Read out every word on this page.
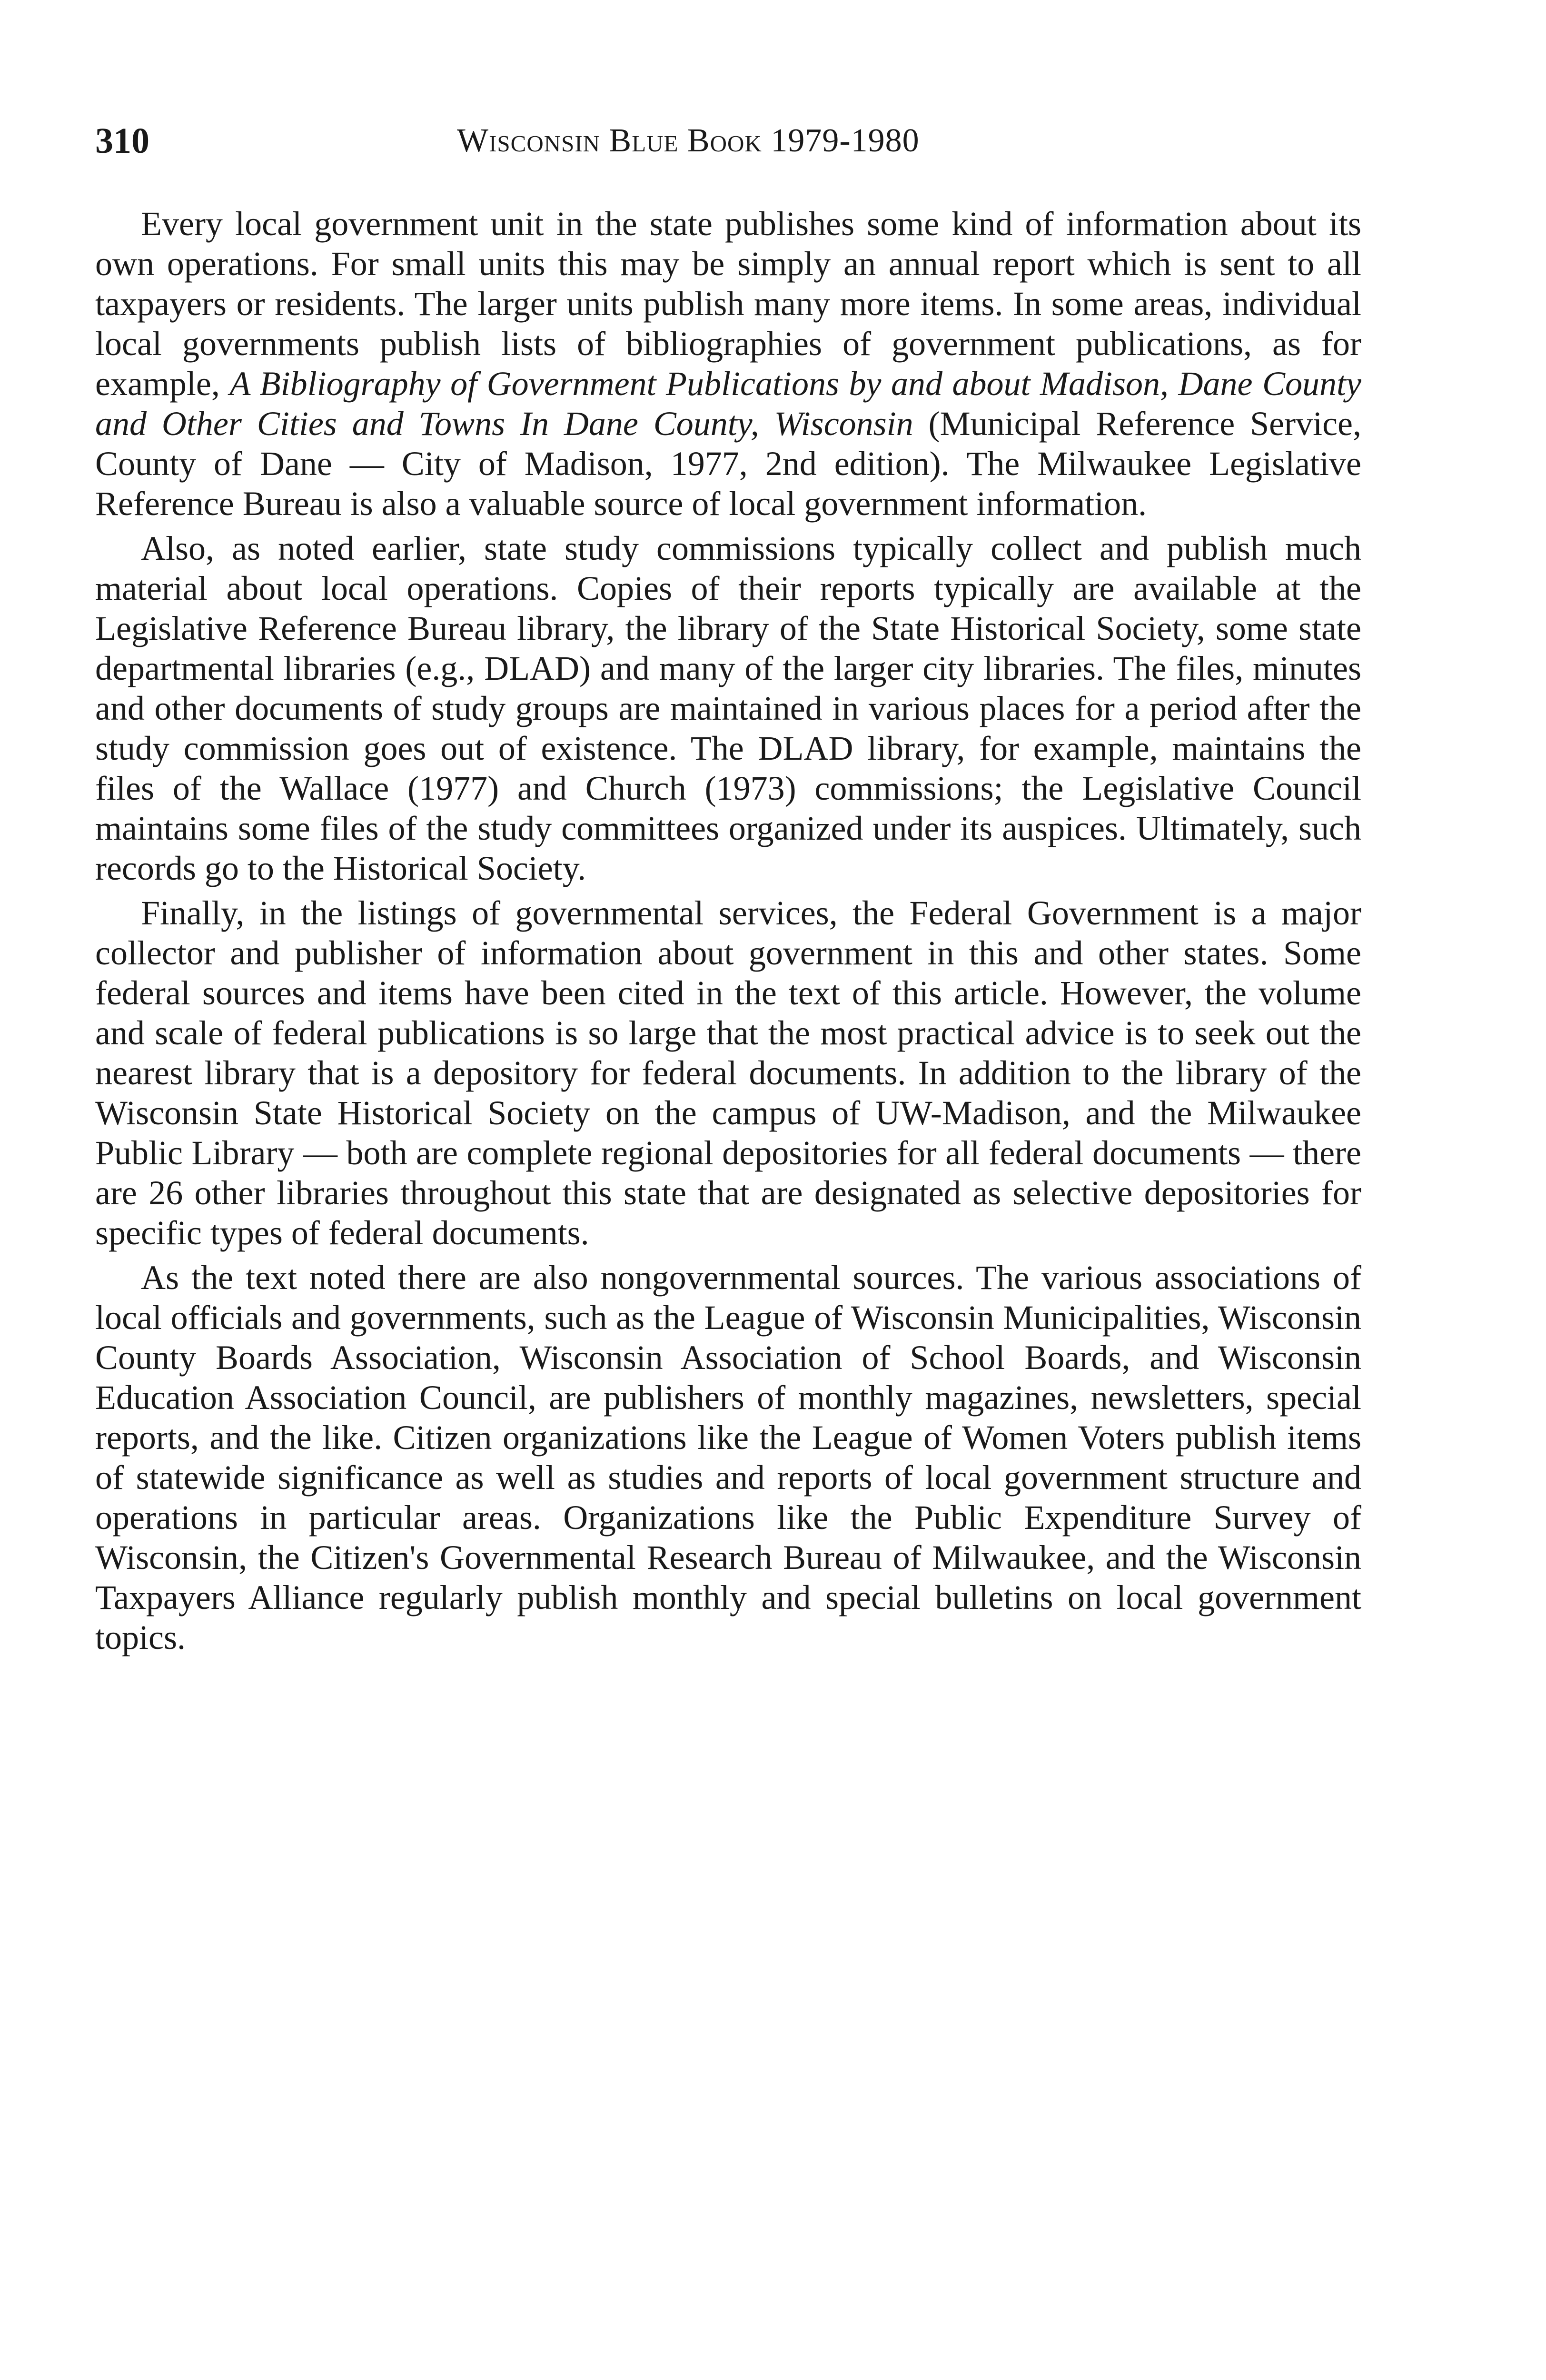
310	Wisconsin Blue Book 1979-1980

Every local government unit in the state publishes some kind of information about its own operations. For small units this may be simply an annual report which is sent to all taxpayers or residents. The larger units publish many more items. In some areas, individual local governments publish lists of bibliographies of government publications, as for example, A Bibliography of Government Publications by and about Madison, Dane County and Other Cities and Towns In Dane County, Wisconsin (Municipal Reference Service, County of Dane — City of Madison, 1977, 2nd edition). The Milwaukee Legislative Reference Bureau is also a valuable source of local government information.

Also, as noted earlier, state study commissions typically collect and publish much material about local operations. Copies of their reports typically are available at the Legislative Reference Bureau library, the library of the State Historical Society, some state departmental libraries (e.g., DLAD) and many of the larger city libraries. The files, minutes and other documents of study groups are maintained in various places for a period after the study commission goes out of existence. The DLAD library, for example, maintains the files of the Wallace (1977) and Church (1973) commissions; the Legislative Council maintains some files of the study committees organized under its auspices. Ultimately, such records go to the Historical Society.

Finally, in the listings of governmental services, the Federal Government is a major collector and publisher of information about government in this and other states. Some federal sources and items have been cited in the text of this article. However, the volume and scale of federal publications is so large that the most practical advice is to seek out the nearest library that is a depository for federal documents. In addition to the library of the Wisconsin State Historical Society on the campus of UW-Madison, and the Milwaukee Public Library — both are complete regional depositories for all federal documents — there are 26 other libraries throughout this state that are designated as selective depositories for specific types of federal documents.

As the text noted there are also nongovernmental sources. The various associations of local officials and governments, such as the League of Wisconsin Municipalities, Wisconsin County Boards Association, Wisconsin Association of School Boards, and Wisconsin Education Association Council, are publishers of monthly magazines, newsletters, special reports, and the like. Citizen organizations like the League of Women Voters publish items of statewide significance as well as studies and reports of local government structure and operations in particular areas. Organizations like the Public Expenditure Survey of Wisconsin, the Citizen's Governmental Research Bureau of Milwaukee, and the Wisconsin Taxpayers Alliance regularly publish monthly and special bulletins on local government topics.
